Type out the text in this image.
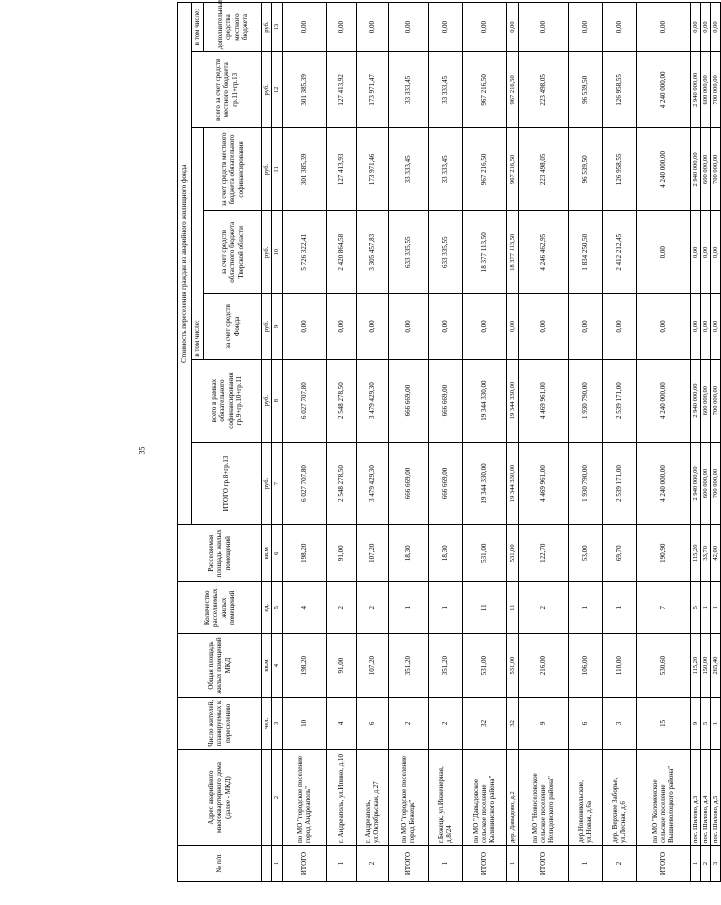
35
№ п/п	Адрес аварийного многоквартирного дома (далее - МКД)	Число жителей, планируемых к переселению	Общая площадь жилых помещений МКД	Количество расселяемых жилых помещений	Расселяемая площадь жилых помещений	Стоимость переселения граждан из аварийного жилищного фонда						
						ИТОГО гр.8+гр.13	всего в рамках обязательного софинансирования гр.9+гр.10+гр.11	в том числе:			всего за счет средств местного бюджета гр.11+гр.13	в том числе:
								за счет средств Фонда	за счет средств областного бюджета Тверской области	за счет средств местного бюджета обязательного софинансирования		дополнительные средства местного бюджета
		чел.	кв.м	ед.	кв.м	руб.	руб.	руб.	руб.	руб.	руб.	руб.
1	2	3	4	5	6	7	8	9	10	11	12	13
ИТОГО	по МО "городское поселение город Андреаполь"	10	198,20	4	198,20	6 027 707,80	6 027 707,80	0,00	5 726 322,41	301 385,39	301 385,39	0,00
1	г. Андреаполь, ул.Ипино, д.10	4	91,00	2	91,00	2 548 278,50	2 548 278,50	0,00	2 420 864,58	127 413,93	127 413,92	0,00
2	г. Андреаполь, ул.Октябрьская, д.27	6	107,20	2	107,20	3 479 429,30	3 479 429,30	0,00	3 305 457,83	173 971,46	173 971,47	0,00
ИТОГО	по МО "городское поселение город Бежецк"	2	351,20	1	18,30	666 669,00	666 669,00	0,00	633 335,55	33 333,45	33 333,45	0,00
1	г.Бежецк, ул.Инженерная, д.8/24	2	351,20	1	18,30	666 669,00	666 669,00	0,00	633 335,55	33 333,45	33 333,45	0,00
ИТОГО	по МО "Давыдовское сельское поселение Калининского района"	32	531,00	11	531,00	19 344 330,00	19 344 330,00	0,00	18 377 113,50	967 216,50	967 216,50	0,00
1	дер. Давыдово, д.2	32	531,00	11	531,00	19 344 330,00	19 344 330,00	0,00	18 377 113,50	967 216,50	967 216,50	0,00
ИТОГО	по МО "Новоселовское сельское поселение Нелидовского района"	9	216,00	2	122,70	4 469 961,00	4 469 961,00	0,00	4 246 462,95	223 498,05	223 498,05	0,00
1	дер.Новоникольские, ул.Новая, д.6а	6	106,00	1	53,00	1 930 790,00	1 930 790,00	0,00	1 834 250,50	96 539,50	96 539,50	0,00
2	дер. Верхнее Заборье, ул.Лесная, д.6	3	110,00	1	69,70	2 539 171,00	2 539 171,00	0,00	2 412 212,45	126 958,55	126 958,55	0,00
ИТОГО	по МО "Коломенское сельское поселение Вышневолоцкого района"	15	530,60	7	190,90	4 240 000,00	4 240 000,00	0,00	0,00	4 240 000,00	4 240 000,00	0,00
1	пос. Шилово, д.3	9	115,20	5	115,20	2 940 000,00	2 940 000,00	0,00	0,00	2 940 000,00	2 940 000,00	0,00
2	пос. Шилово, д.4	5	150,00	1	33,70	600 000,00	600 000,00	0,00	0,00	600 000,00	600 000,00	0,00
3	пос. Шилово, д.5	1	265,40	1	42,00	700 000,00	700 000,00	0,00	0,00	700 000,00	700 000,00	0,00
